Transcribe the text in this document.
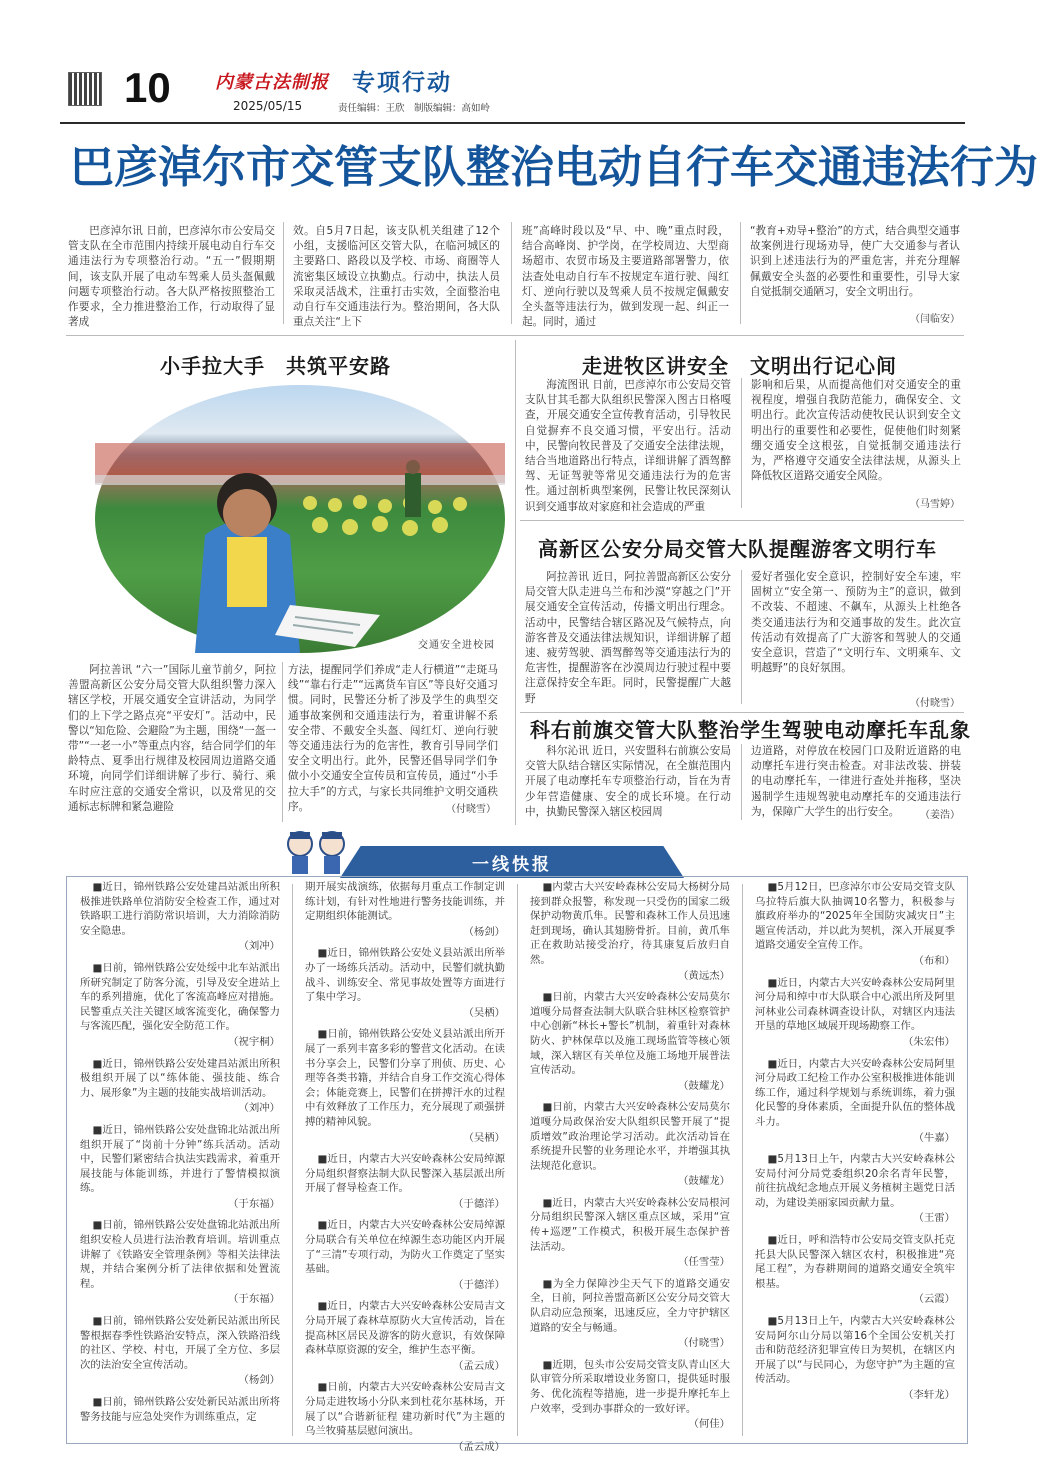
10 内蒙古法制报
2025/05/15
专项行动
责任编辑：王欣　制版编辑：高如岭
巴彦淖尔市交管支队整治电动自行车交通违法行为

巴彦淖尔讯 日前，巴彦淖尔市公安局交管支队在全市范围内持续开展电动自行车交通违法行为专项整治行动。“五一”假期期间，该支队开展了电动车驾乘人员头盔佩戴问题专项整治行动。各大队严格按照整治工作要求，全力推进整治工作，行动取得了显著成

效。自5月7日起，该支队机关组建了12个小组，支援临河区交管大队，在临河城区的主要路口、路段以及学校、市场、商圈等人流密集区域设立执勤点。行动中，执法人员采取灵活战术，注重打击实效，全面整治电动自行车交通违法行为。整治期间，各大队重点关注“上下

班”高峰时段以及“早、中、晚”重点时段，结合高峰岗、护学岗，在学校周边、大型商场超市、农贸市场及主要道路部署警力，依法查处电动自行车不按规定车道行驶、闯红灯、逆向行驶以及驾乘人员不按规定佩戴安全头盔等违法行为，做到发现一起、纠正一起。同时，通过

“教育+劝导+整治”的方式，结合典型交通事故案例进行现场劝导，使广大交通参与者认识到上述违法行为的严重危害，并充分理解佩戴安全头盔的必要性和重要性，引导大家自觉抵制交通陋习，安全文明出行。

（闫临安）
小手拉大手　共筑平安路
交通安全进校园

阿拉善讯 “六一”国际儿童节前夕，阿拉善盟高新区公安分局交管大队组织警力深入辖区学校，开展交通安全宣讲活动，为同学们的上下学之路点亮“平安灯”。活动中，民警以“知危险、会避险”为主题，围绕“一盔一带”“一老一小”等重点内容，结合同学们的年龄特点、夏季出行规律及校园周边道路交通环境，向同学们详细讲解了步行、骑行、乘车时应注意的交通安全常识，以及常见的交通标志标牌和紧急避险

方法，提醒同学们养成“走人行横道”“走斑马线”“靠右行走”“远离货车盲区”等良好交通习惯。同时，民警还分析了涉及学生的典型交通事故案例和交通违法行为，着重讲解不系安全带、不戴安全头盔、闯红灯、逆向行驶等交通违法行为的危害性，教育引导同学们安全文明出行。此外，民警还倡导同学们争做小小交通安全宣传员和宣传员，通过“小手拉大手”的方式，与家长共同维护文明交通秩序。	（付晓雪）
走进牧区讲安全　文明出行记心间

海流图讯 日前，巴彦淖尔市公安局交管支队甘其毛都大队组织民警深入图古日格嘎查，开展交通安全宣传教育活动，引导牧民自觉摒弃不良交通习惯，平安出行。活动中，民警向牧民普及了交通安全法律法规，结合当地道路出行特点，详细讲解了酒驾醉驾、无证驾驶等常见交通违法行为的危害性。通过剖析典型案例，民警让牧民深刻认识到交通事故对家庭和社会造成的严重

影响和后果，从而提高他们对交通安全的重视程度，增强自我防范能力，确保安全、文明出行。此次宣传活动使牧民认识到安全文明出行的重要性和必要性，促使他们时刻紧绷交通安全这根弦，自觉抵制交通违法行为，严格遵守交通安全法律法规，从源头上降低牧区道路交通安全风险。

（马雪婷）
高新区公安分局交管大队提醒游客文明行车

阿拉善讯 近日，阿拉善盟高新区公安分局交管大队走进乌兰布和沙漠“穿越之门”开展交通安全宣传活动，传播文明出行理念。活动中，民警结合辖区路况及气候特点，向游客普及交通法律法规知识，详细讲解了超速、疲劳驾驶、酒驾醉驾等交通违法行为的危害性，提醒游客在沙漠周边行驶过程中要注意保持安全车距。同时，民警提醒广大越野

爱好者强化安全意识，控制好安全车速，牢固树立“安全第一、预防为主”的意识，做到不改装、不超速、不飙车，从源头上杜绝各类交通违法行为和交通事故的发生。此次宣传活动有效提高了广大游客和驾驶人的交通安全意识，营造了“文明行车、文明乘车、文明越野”的良好氛围。

（付晓雪）
科右前旗交管大队整治学生驾驶电动摩托车乱象

科尔沁讯 近日，兴安盟科右前旗公安局交管大队结合辖区实际情况，在全旗范围内开展了电动摩托车专项整治行动，旨在为青少年营造健康、安全的成长环境。在行动中，执勤民警深入辖区校园周

边道路，对停放在校园门口及附近道路的电动摩托车进行突击检查。对非法改装、拼装的电动摩托车，一律进行查处并拖移，坚决遏制学生违规驾驶电动摩托车的交通违法行为，保障广大学生的出行安全。	（姜浩）
一线快报

■近日，锦州铁路公安处建昌站派出所积极推进铁路单位消防安全检查工作，通过对铁路职工进行消防常识培训，大力消除消防安全隐患。
（刘冲）

■日前，锦州铁路公安处绥中北车站派出所研究制定了防客分流，引导及安全进站上车的系列措施，优化了客流高峰应对措施。民警重点关注关键区域客流变化，确保警力与客流匹配，强化安全防范工作。
（祝宇桐）

■近日，锦州铁路公安处建昌站派出所积极组织开展了以“练体能、强技能、练合力、展形象”为主题的技能实战培训活动。
（刘冲）

■近日，锦州铁路公安处盘锦北站派出所组织开展了“岗前十分钟”练兵活动。活动中，民警们紧密结合执法实践需求，着重开展技能与体能训练，并进行了警情模拟演练。
（于东福）

■日前，锦州铁路公安处盘锦北站派出所组织安检人员进行法治教育培训。培训重点讲解了《铁路安全管理条例》等相关法律法规，并结合案例分析了法律依据和处置流程。
（于东福）

■日前，锦州铁路公安处新民站派出所民警根据春季性铁路治安特点，深入铁路沿线的社区、学校、村屯，开展了全方位、多层次的法治安全宣传活动。
（杨剑）

■日前，锦州铁路公安处新民站派出所将警务技能与应急处突作为训练重点，定

期开展实战演练，依据每月重点工作制定训练计划，有针对性地进行警务技能训练，并定期组织体能测试。
（杨剑）

■近日，锦州铁路公安处义县站派出所举办了一场练兵活动。活动中，民警们就执勤战斗、训练安全、常见事故处置等方面进行了集中学习。
（吴栖）

■日前，锦州铁路公安处义县站派出所开展了一系列丰富多彩的警营文化活动。在读书分享会上，民警们分享了刑侦、历史、心理等各类书籍，并结合自身工作交流心得体会；体能竞赛上，民警们在拼搏汗水的过程中有效释放了工作压力，充分展现了顽强拼搏的精神风貌。
（吴栖）

■近日，内蒙古大兴安岭森林公安局绰源分局组织督察法制大队民警深入基层派出所开展了督导检查工作。
（于德洋）

■近日，内蒙古大兴安岭森林公安局绰源分局联合有关单位在绰源生态功能区内开展了“三清”专项行动，为防火工作奠定了坚实基础。
（于德洋）

■近日，内蒙古大兴安岭森林公安局吉文分局开展了森林草原防火大宣传活动，旨在提高林区居民及游客的防火意识，有效保障森林草原资源的安全，维护生态平衡。
（孟云成）

■日前，内蒙古大兴安岭森林公安局吉文分局走进牧场小分队来到杜花尔基林场，开展了以“合谐新征程 建功新时代”为主题的乌兰牧骑基层慰问演出。
（孟云成）

■内蒙古大兴安岭森林公安局大杨树分局接到群众报警，称发现一只受伤的国家二级保护动物黄爪隼。民警和森林工作人员迅速赶到现场，确认其翅膀骨折。目前，黄爪隼正在救助站接受治疗，待其康复后放归自然。
（黄远杰）

■日前，内蒙古大兴安岭森林公安局莫尔道嘎分局督查法制大队联合驻林区检察管护中心创新“林长+警长”机制，着重针对森林防火、护林保草以及施工现场监管等核心领域，深入辖区有关单位及施工场地开展普法宣传活动。
（鼓耀龙）

■日前，内蒙古大兴安岭森林公安局莫尔道嘎分局政保治安大队组织民警开展了“提质增效”政治理论学习活动。此次活动旨在系统提升民警的业务理论水平，并增强其执法规范化意识。
（鼓耀龙）

■近日，内蒙古大兴安岭森林公安局根河分局组织民警深入辖区重点区域，采用“宣传+巡逻”工作模式，积极开展生态保护普法活动。
（任雪莹）

■为全力保障沙尘天气下的道路交通安全，日前，阿拉善盟高新区公安分局交管大队启动应急预案，迅速反应，全力守护辖区道路的安全与畅通。
（付晓雪）

■近期，包头市公安局交管支队青山区大队审管分所采取增设业务窗口，提供延时服务、优化流程等措施，进一步提升摩托车上户效率，受到办事群众的一致好评。
（何佳）

■5月12日，巴彦淖尔市公安局交管支队乌拉特后旗大队抽调10名警力，积极参与旗政府举办的“2025年全国防灾减灾日”主题宣传活动，并以此为契机，深入开展夏季道路交通安全宣传工作。
（布和）

■近日，内蒙古大兴安岭森林公安局阿里河分局和绰中市大队联合中心派出所及阿里河林业公司森林调查设计队，对辖区内违法开垦的草地区域展开现场勘察工作。
（朱宏伟）

■近日，内蒙古大兴安岭森林公安局阿里河分局政工纪检工作办公室积极推进体能训练工作，通过科学规划与系统训练，着力强化民警的身体素质，全面提升队伍的整体战斗力。
（牛嘉）

■5月13日上午，内蒙古大兴安岭森林公安局付河分局党委组织20余名青年民警，前往抗战纪念地点开展义务植树主题党日活动，为建设美丽家园贡献力量。
（王雷）

■近日，呼和浩特市公安局交管支队托克托县大队民警深入辖区农村，积极推进“亮尾工程”，为春耕期间的道路交通安全筑牢根基。
（云霞）

■5月13日上午，内蒙古大兴安岭森林公安局阿尔山分局以第16个全国公安机关打击和防范经济犯罪宣传日为契机，在辖区内开展了以“与民同心，为您守护”为主题的宣传活动。
（李轩龙）
